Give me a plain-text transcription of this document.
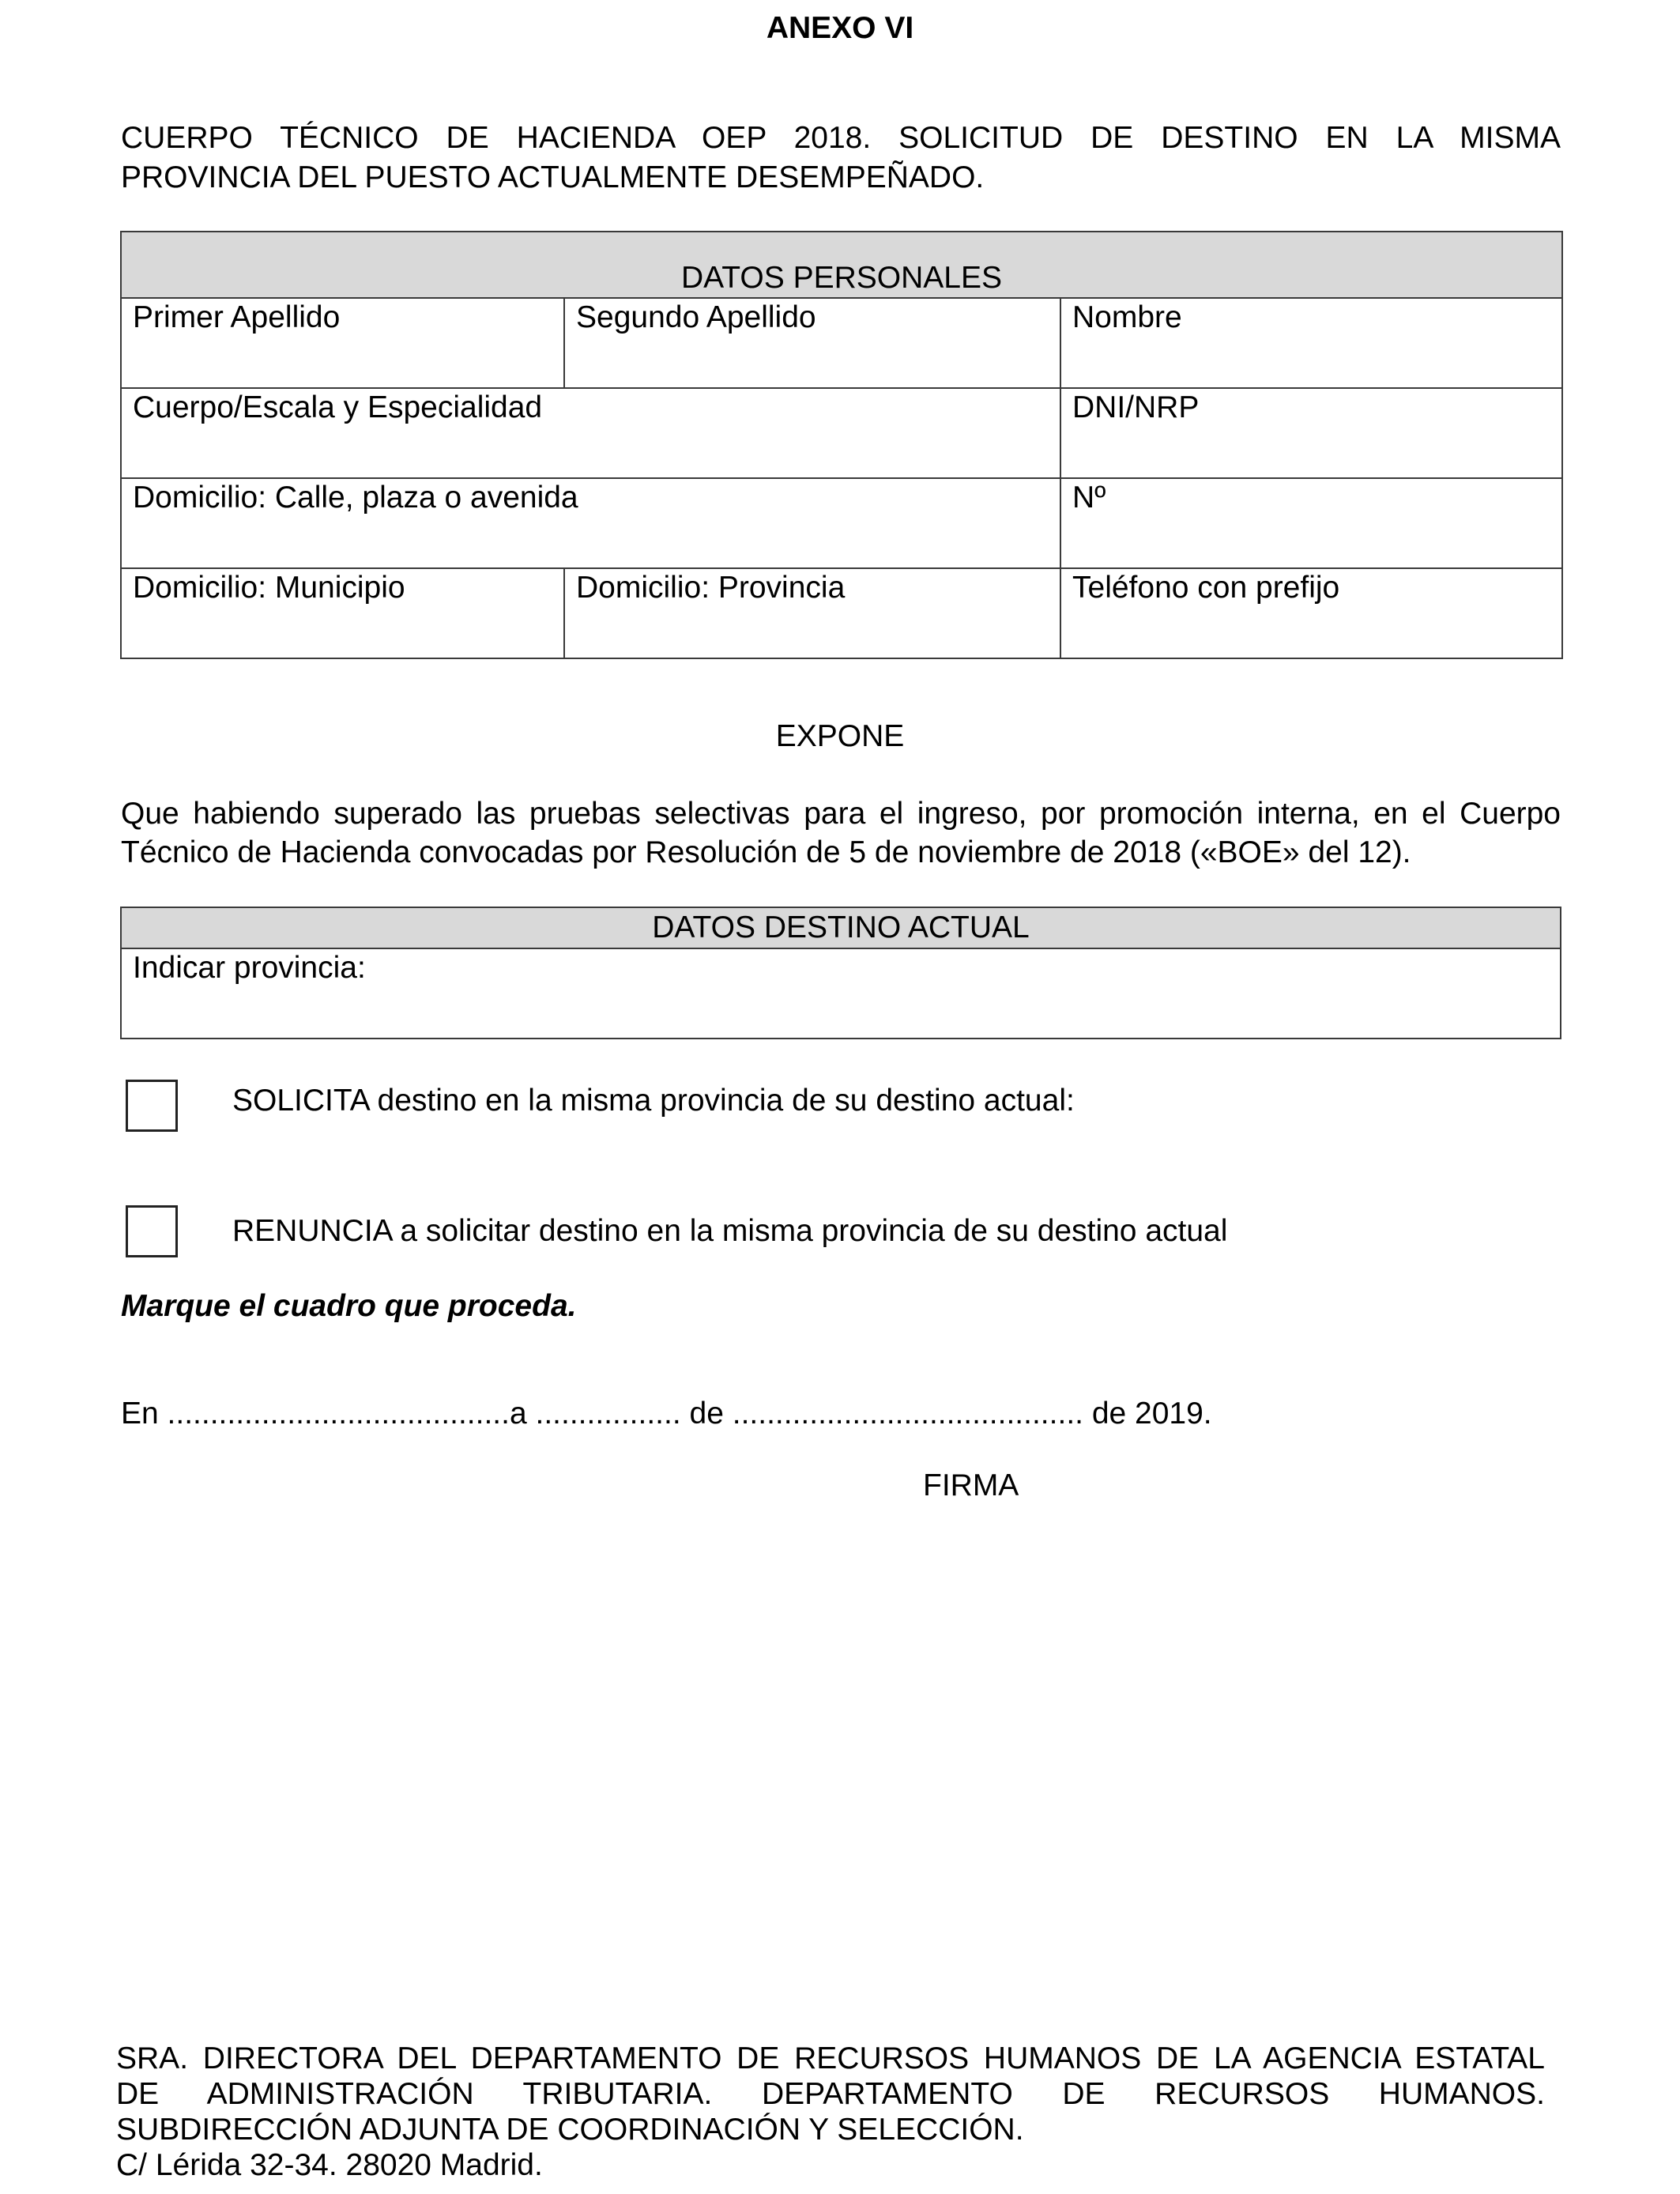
ANEXO VI
CUERPO TÉCNICO DE HACIENDA OEP 2018. SOLICITUD DE DESTINO EN LA MISMA
PROVINCIA DEL PUESTO ACTUALMENTE DESEMPEÑADO.
DATOS PERSONALES		
Primer Apellido	Segundo Apellido	Nombre
Cuerpo/Escala y Especialidad		DNI/NRP
Domicilio: Calle, plaza o avenida		Nº
Domicilio: Municipio	Domicilio: Provincia	Teléfono con prefijo
EXPONE
Que habiendo superado las pruebas selectivas para el ingreso, por promoción interna, en el Cuerpo
Técnico de Hacienda convocadas por Resolución de 5 de noviembre de 2018 («BOE» del 12).
DATOS DESTINO ACTUAL
Indicar provincia:
SOLICITA destino en la misma provincia de su destino actual:
RENUNCIA a solicitar destino en la misma provincia de su destino actual
Marque el cuadro que proceda.
En ........................................a ................. de ......................................... de 2019.
FIRMA
SRA. DIRECTORA DEL DEPARTAMENTO DE RECURSOS HUMANOS DE LA AGENCIA ESTATAL
DE ADMINISTRACIÓN TRIBUTARIA. DEPARTAMENTO DE RECURSOS HUMANOS.
SUBDIRECCIÓN ADJUNTA DE COORDINACIÓN Y SELECCIÓN.
C/ Lérida 32-34. 28020 Madrid.
